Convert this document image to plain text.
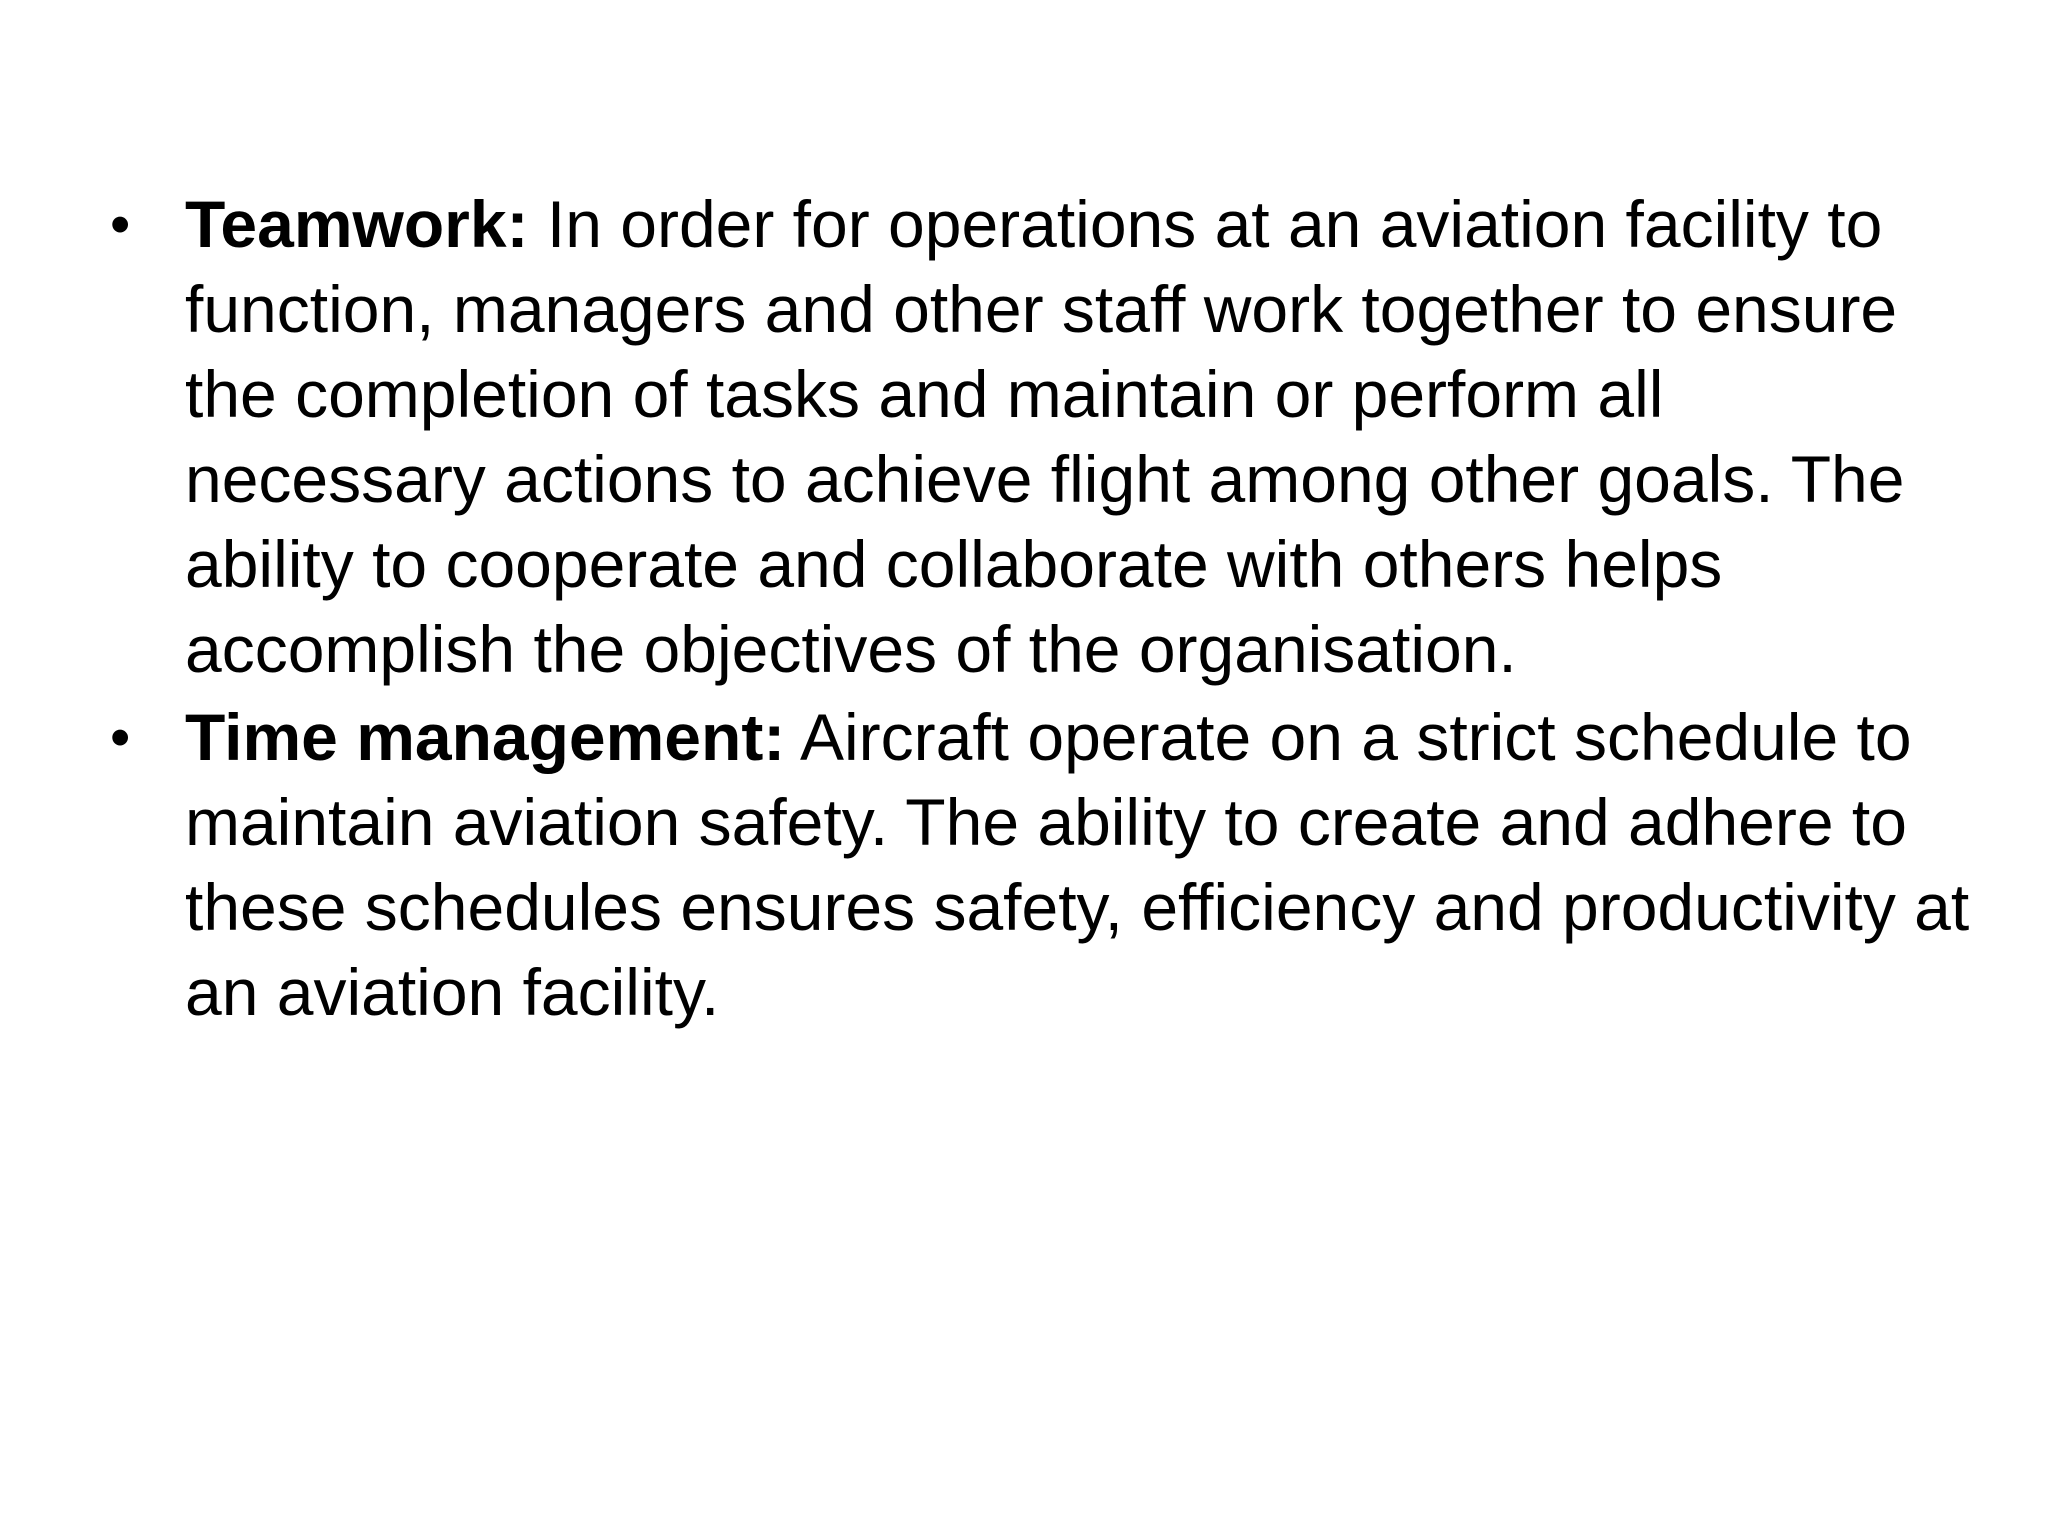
• Teamwork: In order for operations at an aviation facility to function, managers and other staff work together to ensure the completion of tasks and maintain or perform all necessary actions to achieve flight among other goals. The ability to cooperate and collaborate with others helps accomplish the objectives of the organisation.
• Time management: Aircraft operate on a strict schedule to maintain aviation safety. The ability to create and adhere to these schedules ensures safety, efficiency and productivity at an aviation facility.
